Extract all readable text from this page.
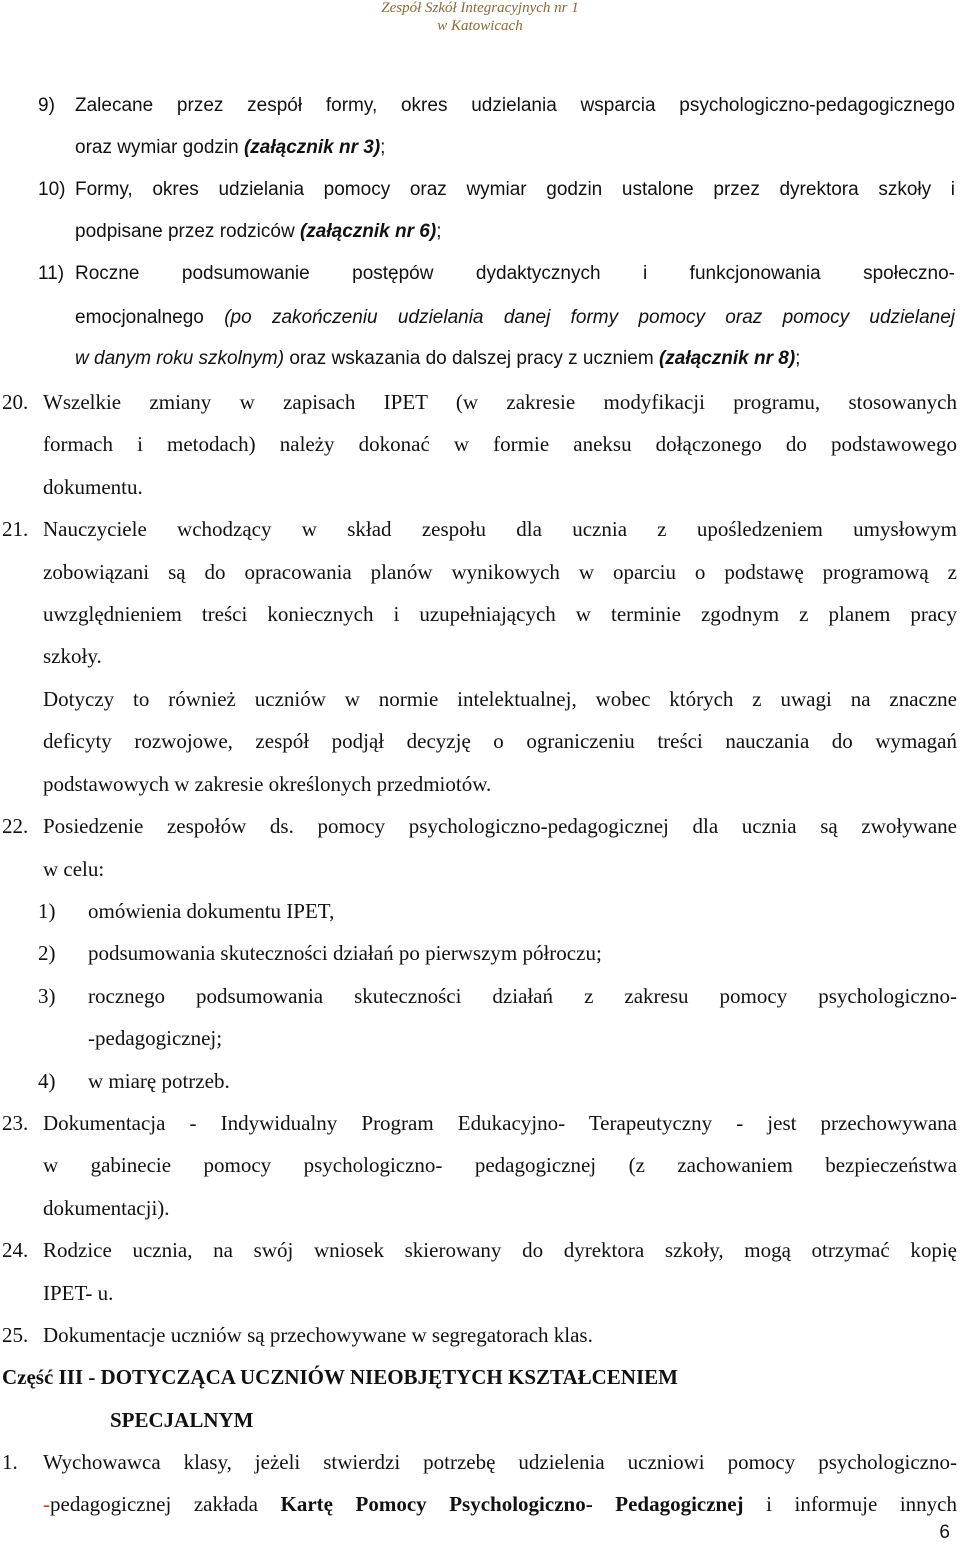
Zespół Szkół Integracyjnych nr 1
w Katowicach
9) Zalecane przez zespół formy, okres udzielania wsparcia psychologiczno-pedagogicznego
oraz wymiar godzin (załącznik nr 3);
10) Formy, okres udzielania pomocy oraz wymiar godzin ustalone przez dyrektora szkoły i
podpisane przez rodziców (załącznik nr 6);
11) Roczne podsumowanie postępów dydaktycznych i funkcjonowania społeczno-
emocjonalnego (po zakończeniu udzielania danej formy pomocy oraz pomocy udzielanej
w danym roku szkolnym) oraz wskazania do dalszej pracy z uczniem (załącznik nr 8);
20. Wszelkie zmiany w zapisach IPET (w zakresie modyfikacji programu, stosowanych
formach i metodach) należy dokonać w formie aneksu dołączonego do podstawowego
dokumentu.
21. Nauczyciele wchodzący w skład zespołu dla ucznia z upośledzeniem umysłowym
zobowiązani są do opracowania planów wynikowych w oparciu o podstawę programową z
uwzględnieniem treści koniecznych i uzupełniających w terminie zgodnym z planem pracy
szkoły.
Dotyczy to również uczniów w normie intelektualnej, wobec których z uwagi na znaczne
deficyty rozwojowe, zespół podjął decyzję o ograniczeniu treści nauczania do wymagań
podstawowych w zakresie określonych przedmiotów.
22. Posiedzenie zespołów ds. pomocy psychologiczno-pedagogicznej dla ucznia są zwoływane
w celu:
1) omówienia dokumentu IPET,
2) podsumowania skuteczności działań po pierwszym półroczu;
3) rocznego podsumowania skuteczności działań z zakresu pomocy psychologiczno-
-pedagogicznej;
4) w miarę potrzeb.
23. Dokumentacja - Indywidualny Program Edukacyjno- Terapeutyczny - jest przechowywana
w gabinecie pomocy psychologiczno- pedagogicznej (z zachowaniem bezpieczeństwa
dokumentacji).
24. Rodzice ucznia, na swój wniosek skierowany do dyrektora szkoły, mogą otrzymać kopię
IPET- u.
25. Dokumentacje uczniów są przechowywane w segregatorach klas.
Część III - DOTYCZĄCA UCZNIÓW NIEOBJĘTYCH KSZTAŁCENIEM
SPECJALNYM
1. Wychowawca klasy, jeżeli stwierdzi potrzebę udzielenia uczniowi pomocy psychologiczno-
-pedagogicznej zakłada Kartę Pomocy Psychologiczno- Pedagogicznej i informuje innych
6
